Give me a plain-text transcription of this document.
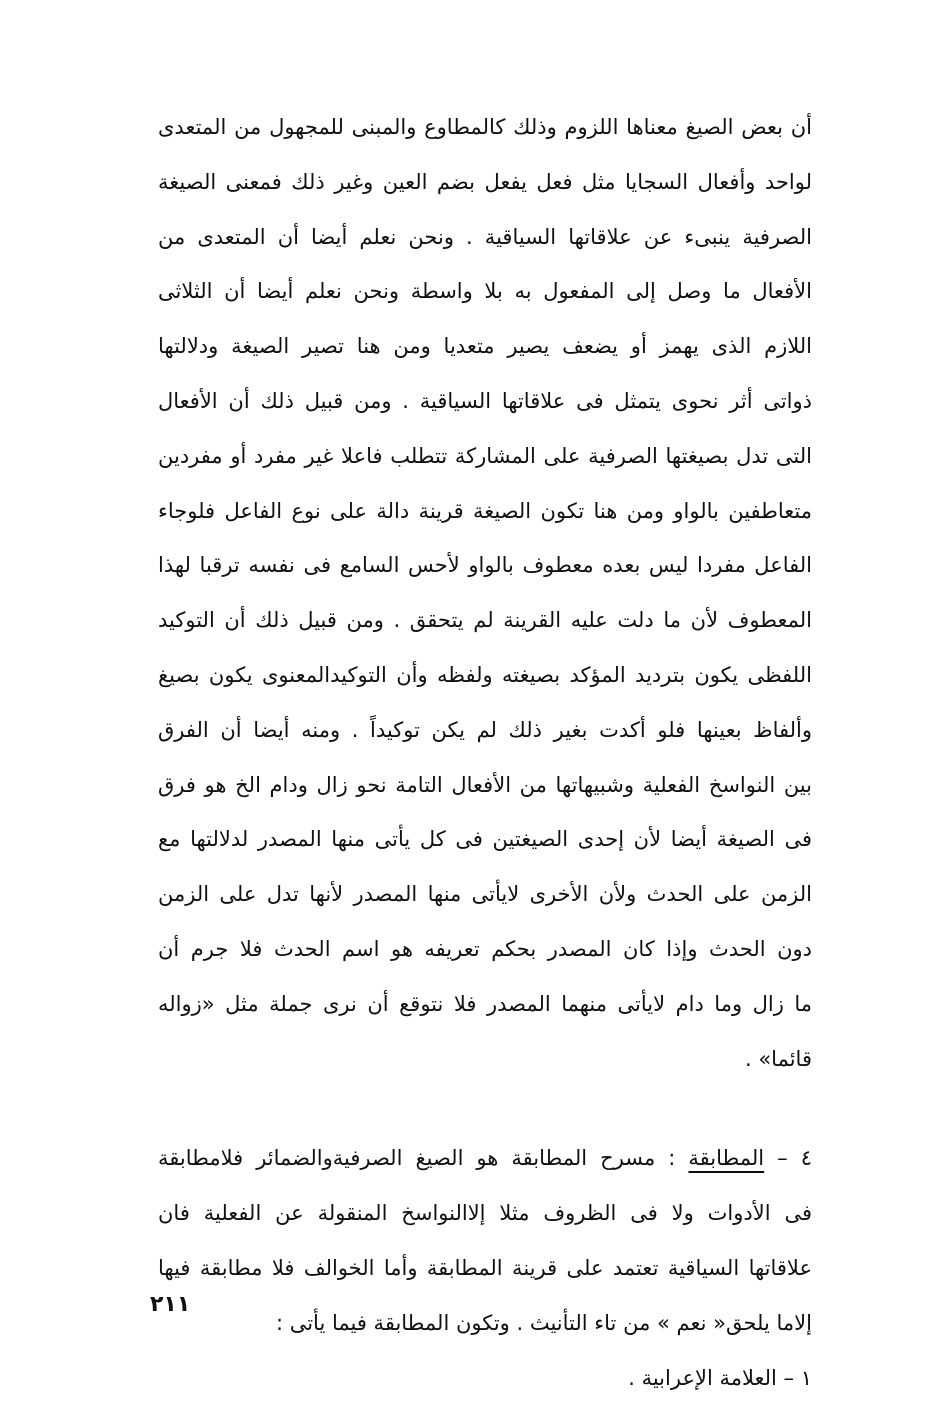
أن بعض الصيغ معناها اللزوم وذلك كالمطاوع والمبنى للمجهول من المتعدى
لواحد وأفعال السجايا مثل فعل يفعل بضم العين وغير ذلك فمعنى الصيغة
الصرفية ينبىء عن علاقاتها السياقية . ونحن نعلم أيضا أن المتعدى من
الأفعال ما وصل إلى المفعول به بلا واسطة ونحن نعلم أيضا أن الثلاثى
اللازم الذى يهمز أو يضعف يصير متعديا ومن هنا تصير الصيغة ودلالتها
ذواتى أثر نحوى يتمثل فى علاقاتها السياقية . ومن قبيل ذلك أن الأفعال
التى تدل بصيغتها الصرفية على المشاركة تتطلب فاعلا غير مفرد أو مفردين
متعاطفين بالواو ومن هنا تكون الصيغة قرينة دالة على نوع الفاعل فلوجاء
الفاعل مفردا ليس بعده معطوف بالواو لأحس السامع فى نفسه ترقبا لهذا
المعطوف لأن ما دلت عليه القرينة لم يتحقق . ومن قبيل ذلك أن التوكيد
اللفظى يكون بترديد المؤكد بصيغته ولفظه وأن التوكيدالمعنوى يكون بصيغ
وألفاظ بعينها فلو أكدت بغير ذلك لم يكن توكيداً . ومنه أيضا أن الفرق
بين النواسخ الفعلية وشبيهاتها من الأفعال التامة نحو زال ودام الخ هو فرق
فى الصيغة أيضا لأن إحدى الصيغتين فى كل يأتى منها المصدر لدلالتها مع
الزمن على الحدث ولأن الأخرى لايأتى منها المصدر لأنها تدل على الزمن
دون الحدث وإذا كان المصدر بحكم تعريفه هو اسم الحدث فلا جرم أن
ما زال وما دام لايأتى منهما المصدر فلا نتوقع أن نرى جملة مثل «زواله
قائما» .
٤ – المطابقة : مسرح المطابقة هو الصيغ الصرفيةوالضمائر فلامطابقة
فى الأدوات ولا فى الظروف مثلا إلاالنواسخ المنقولة عن الفعلية فان
علاقاتها السياقية تعتمد على قرينة المطابقة وأما الخوالف فلا مطابقة فيها
إلاما يلحق« نعم » من تاء التأنيث . وتكون المطابقة فيما يأتى :
١ – العلامة الإعرابية .
٢١١
